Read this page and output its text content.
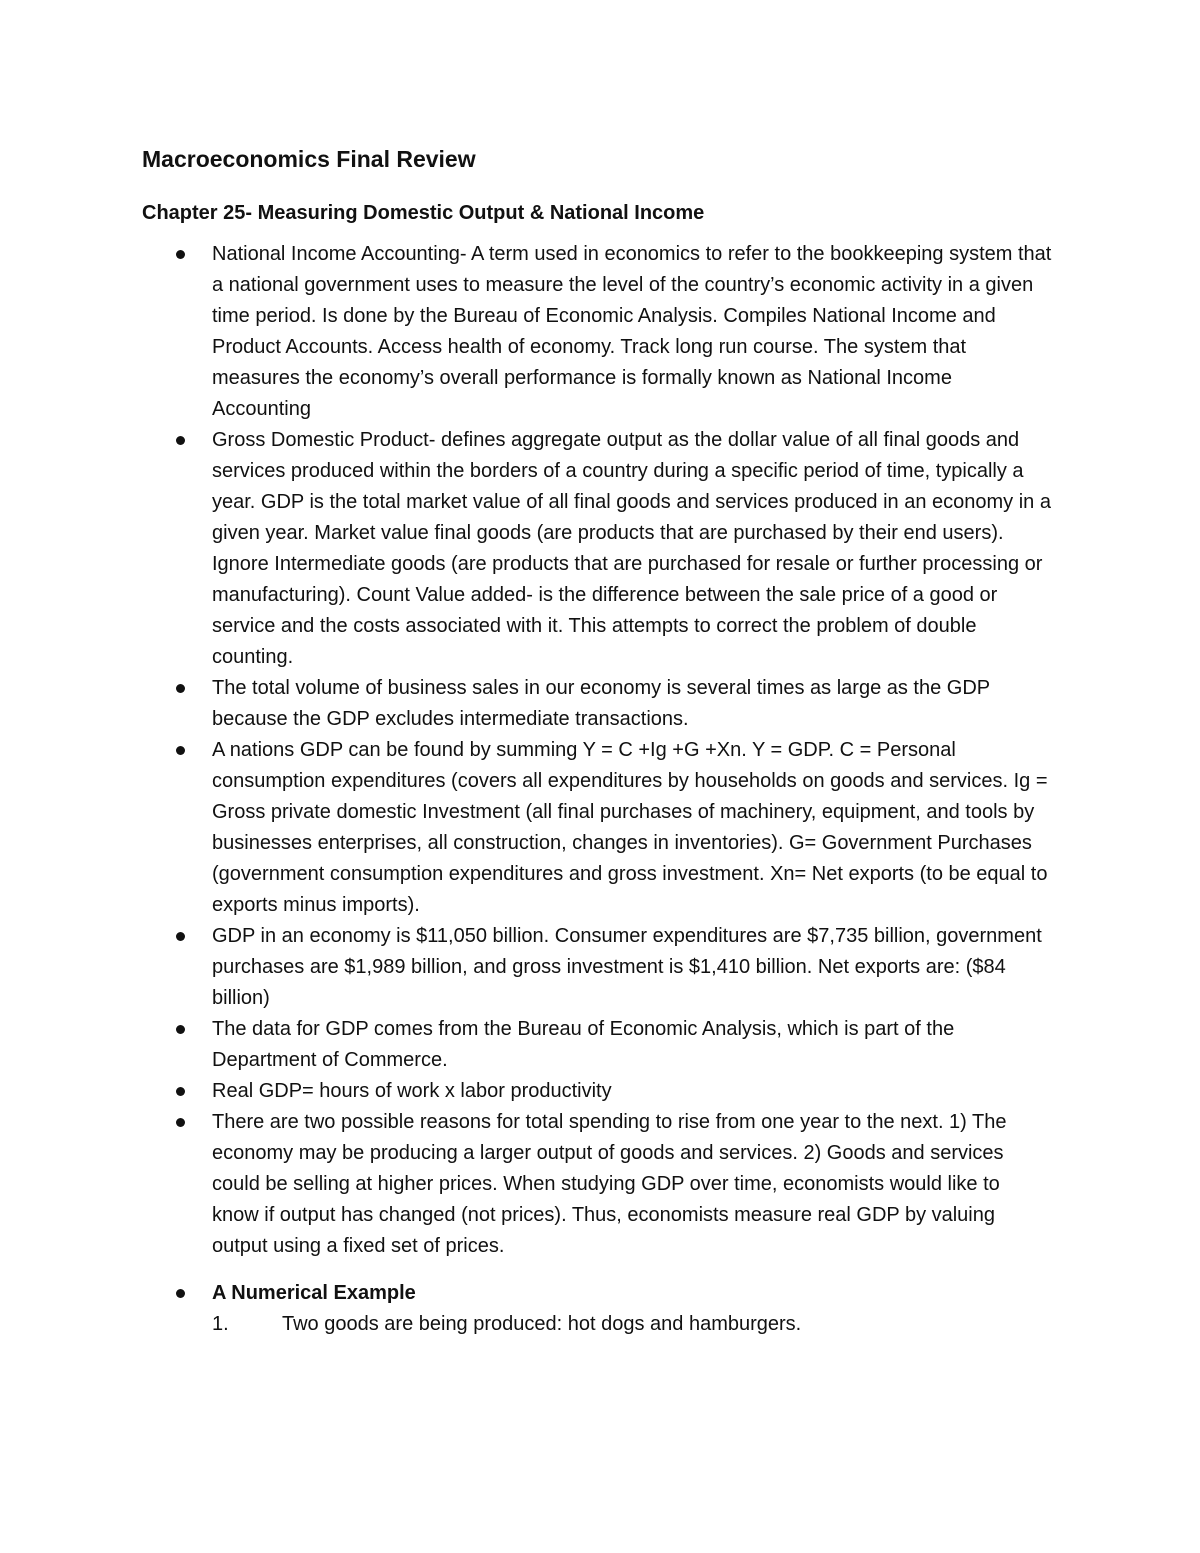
Macroeconomics Final Review
Chapter 25- Measuring Domestic Output & National Income
National Income Accounting- A term used in economics to refer to the bookkeeping system that a national government uses to measure the level of the country’s economic activity in a given time period. Is done by the Bureau of Economic Analysis. Compiles National Income and Product Accounts. Access health of economy. Track long run course. The system that measures the economy’s overall performance is formally known as National Income Accounting
Gross Domestic Product- defines aggregate output as the dollar value of all final goods and services produced within the borders of a country during a specific period of time, typically a year. GDP is the total market value of all final goods and services produced in an economy in a given year. Market value final goods (are products that are purchased by their end users). Ignore Intermediate goods (are products that are purchased for resale or further processing or manufacturing). Count Value added- is the difference between the sale price of a good or service and the costs associated with it. This attempts to correct the problem of double counting.
The total volume of business sales in our economy is several times as large as the GDP because the GDP excludes intermediate transactions.
A nations GDP can be found by summing Y = C +Ig +G +Xn. Y = GDP. C = Personal consumption expenditures (covers all expenditures by households on goods and services. Ig = Gross private domestic Investment (all final purchases of machinery, equipment, and tools by businesses enterprises, all construction, changes in inventories). G= Government Purchases (government consumption expenditures and gross investment. Xn= Net exports (to be equal to exports minus imports).
GDP in an economy is $11,050 billion. Consumer expenditures are $7,735 billion, government purchases are $1,989 billion, and gross investment is $1,410 billion. Net exports are: ($84 billion)
The data for GDP comes from the Bureau of Economic Analysis, which is part of the Department of Commerce.
Real GDP= hours of work x labor productivity
There are two possible reasons for total spending to rise from one year to the next. 1) The economy may be producing a larger output of goods and services. 2) Goods and services could be selling at higher prices. When studying GDP over time, economists would like to know if output has changed (not prices). Thus, economists measure real GDP by valuing output using a fixed set of prices.
A Numerical Example
1.	Two goods are being produced: hot dogs and hamburgers.
